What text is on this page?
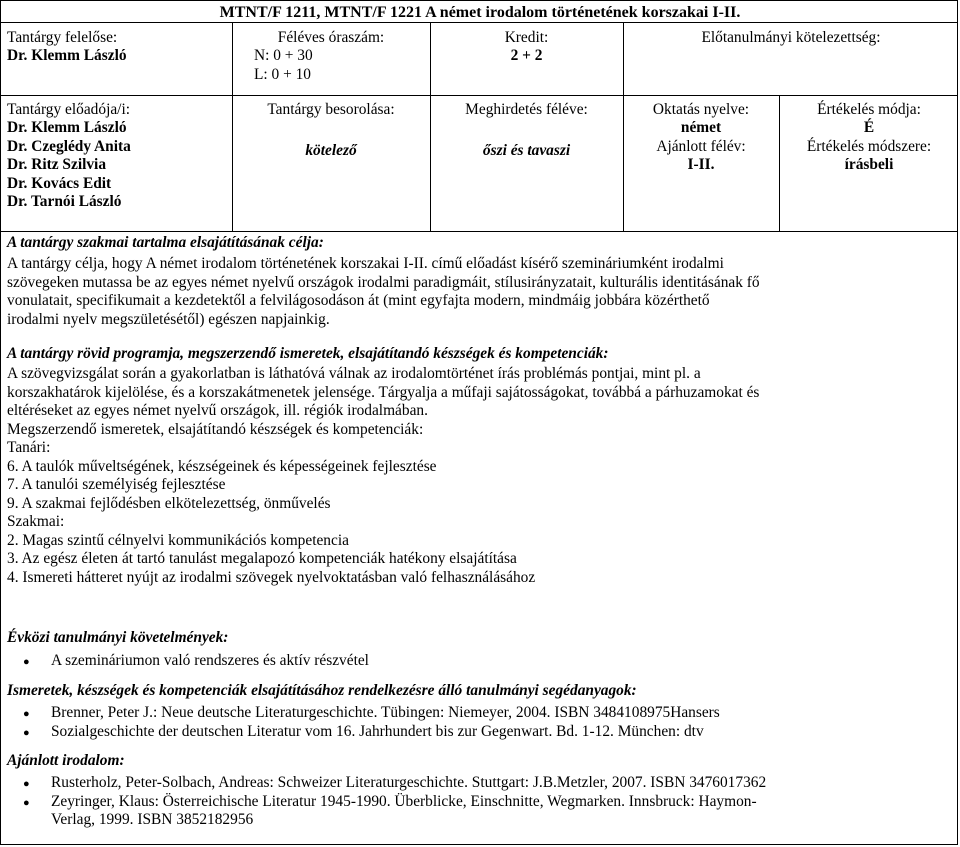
MTNT/F 1211, MTNT/F 1221 A német irodalom történetének korszakai I-II.
Tantárgy felelőse:
Dr. Klemm László
Féléves óraszám:
N: 0 + 30
L: 0 + 10
Kredit:
2 + 2
Előtanulmányi kötelezettség:
Tantárgy előadója/i:
Dr. Klemm László
Dr. Czeglédy Anita
Dr. Ritz Szilvia
Dr. Kovács Edit
Dr. Tarnói László
Tantárgy besorolása:
kötelező
Meghirdetés féléve:
őszi és tavaszi
Oktatás nyelve:
német
Ajánlott félév:
I-II.
Értékelés módja:
É
Értékelés módszere:
írásbeli
A tantárgy szakmai tartalma elsajátításának célja:
A tantárgy célja, hogy A német irodalom történetének korszakai I-II. című előadást kísérő szemináriumként irodalmi
szövegeken mutassa be az egyes német nyelvű országok irodalmi paradigmáit, stílusirányzatait, kulturális identitásának fő
vonulatait, specifikumait a kezdetektől a felvilágosodáson át (mint egyfajta modern, mindmáig jobbára közérthető
irodalmi nyelv megszületésétől) egészen napjainkig.
A tantárgy rövid programja, megszerzendő ismeretek, elsajátítandó készségek és kompetenciák:
A szövegvizsgálat során a gyakorlatban is láthatóvá válnak az irodalomtörténet írás problémás pontjai, mint pl. a
korszakhatárok kijelölése, és a korszakátmenetek jelensége. Tárgyalja a műfaji sajátosságokat, továbbá a párhuzamokat és
eltéréseket az egyes német nyelvű országok, ill. régiók irodalmában.
Megszerzendő ismeretek, elsajátítandó készségek és kompetenciák:
Tanári:
6. A taulók műveltségének, készségeinek és képességeinek fejlesztése
7. A tanulói személyiség fejlesztése
9. A szakmai fejlődésben elkötelezettség, önművelés
Szakmai:
2. Magas szintű célnyelvi kommunikációs kompetencia
3. Az egész életen át tartó tanulást megalapozó kompetenciák hatékony elsajátítása
4. Ismereti hátteret nyújt az irodalmi szövegek nyelvoktatásban való felhasználásához
Évközi tanulmányi követelmények:
● A szemináriumon való rendszeres és aktív részvétel
Ismeretek, készségek és kompetenciák elsajátításához rendelkezésre álló tanulmányi segédanyagok:
● Brenner, Peter J.: Neue deutsche Literaturgeschichte. Tübingen: Niemeyer, 2004. ISBN 3484108975Hansers
● Sozialgeschichte der deutschen Literatur vom 16. Jahrhundert bis zur Gegenwart. Bd. 1-12. München: dtv
Ajánlott irodalom:
● Rusterholz, Peter-Solbach, Andreas: Schweizer Literaturgeschichte. Stuttgart: J.B.Metzler, 2007. ISBN 3476017362
● Zeyringer, Klaus: Österreichische Literatur 1945-1990. Überblicke, Einschnitte, Wegmarken. Innsbruck: Haymon-
Verlag, 1999. ISBN 3852182956
